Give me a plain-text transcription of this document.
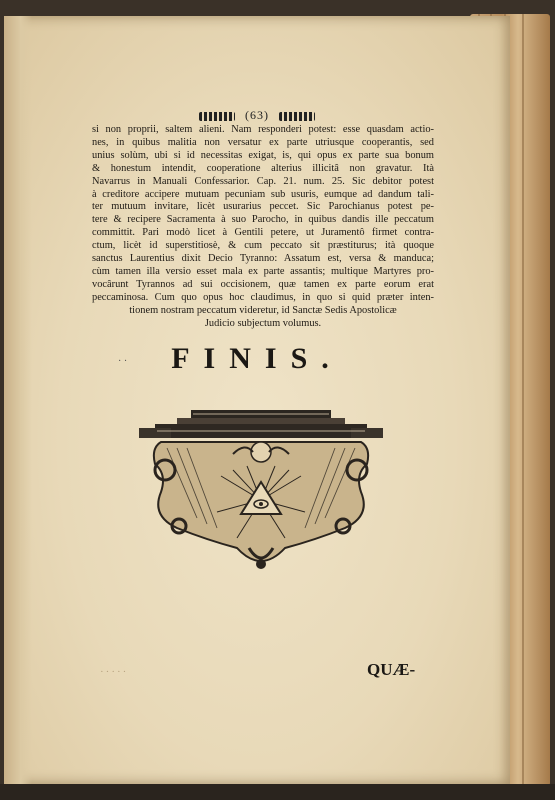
(63)
si non proprii, saltem alieni. Nam responderi potest: esse quasdam actio-
nes, in quibus malitia non versatur ex parte utriusque cooperantis, sed
unius solùm, ubi si id necessitas exigat, is, qui opus ex parte sua bonum
& honestum intendit, cooperatione alterius illicitâ non gravatur. Ità
Navarrus in Manuali Confessarior. Cap. 21. num. 25. Sic debitor potest
à creditore accipere mutuam pecuniam sub usuris, eumque ad dandum tali-
ter mutuum invitare, licèt usurarius peccet. Sic Parochianus potest pe-
tere & recipere Sacramenta à suo Parocho, in quibus dandis ille peccatum
committit. Pari modò licet à Gentili petere, ut Juramentô firmet contra-
ctum, licèt id superstitiosè, & cum peccato sit præstiturus; ità quoque
sanctus Laurentius dixit Decio Tyranno: Assatum est, versa & manduca;
cùm tamen illa versio esset mala ex parte assantis; multique Martyres pro-
vocârunt Tyrannos ad sui occisionem, quæ tamen ex parte eorum erat
peccaminosa. Cum quo opus hoc claudimus, in quo si quid præter inten-
tionem nostram peccatum videretur, id Sanctæ Sedis Apostolicæ
Judicio subjectum volumus.
· ·	FINIS.
·····	QUÆ-
